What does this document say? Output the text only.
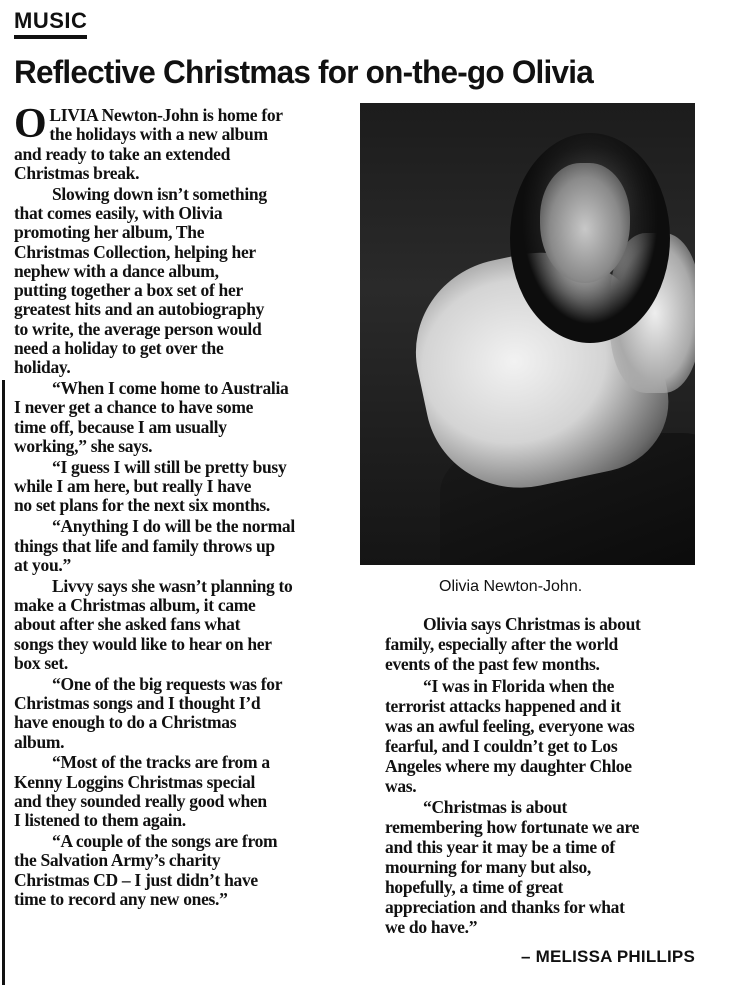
MUSIC
Reflective Christmas for on-the-go Olivia
O LIVIA Newton-John is home for
the holidays with a new album
and ready to take an extended
Christmas break.
Slowing down isn’t something
that comes easily, with Olivia
promoting her album, The
Christmas Collection, helping her
nephew with a dance album,
putting together a box set of her
greatest hits and an autobiography
to write, the average person would
need a holiday to get over the
holiday.
“When I come home to Australia
I never get a chance to have some
time off, because I am usually
working,” she says.
“I guess I will still be pretty busy
while I am here, but really I have
no set plans for the next six months.
“Anything I do will be the normal
things that life and family throws up
at you.”
Livvy says she wasn’t planning to
make a Christmas album, it came
about after she asked fans what
songs they would like to hear on her
box set.
“One of the big requests was for
Christmas songs and I thought I’d
have enough to do a Christmas
album.
“Most of the tracks are from a
Kenny Loggins Christmas special
and they sounded really good when
I listened to them again.
“A couple of the songs are from
the Salvation Army’s charity
Christmas CD – I just didn’t have
time to record any new ones.”
Olivia Newton-John.
Olivia says Christmas is about
family, especially after the world
events of the past few months.
“I was in Florida when the
terrorist attacks happened and it
was an awful feeling, everyone was
fearful, and I couldn’t get to Los
Angeles where my daughter Chloe
was.
“Christmas is about
remembering how fortunate we are
and this year it may be a time of
mourning for many but also,
hopefully, a time of great
appreciation and thanks for what
we do have.”
– MELISSA PHILLIPS
